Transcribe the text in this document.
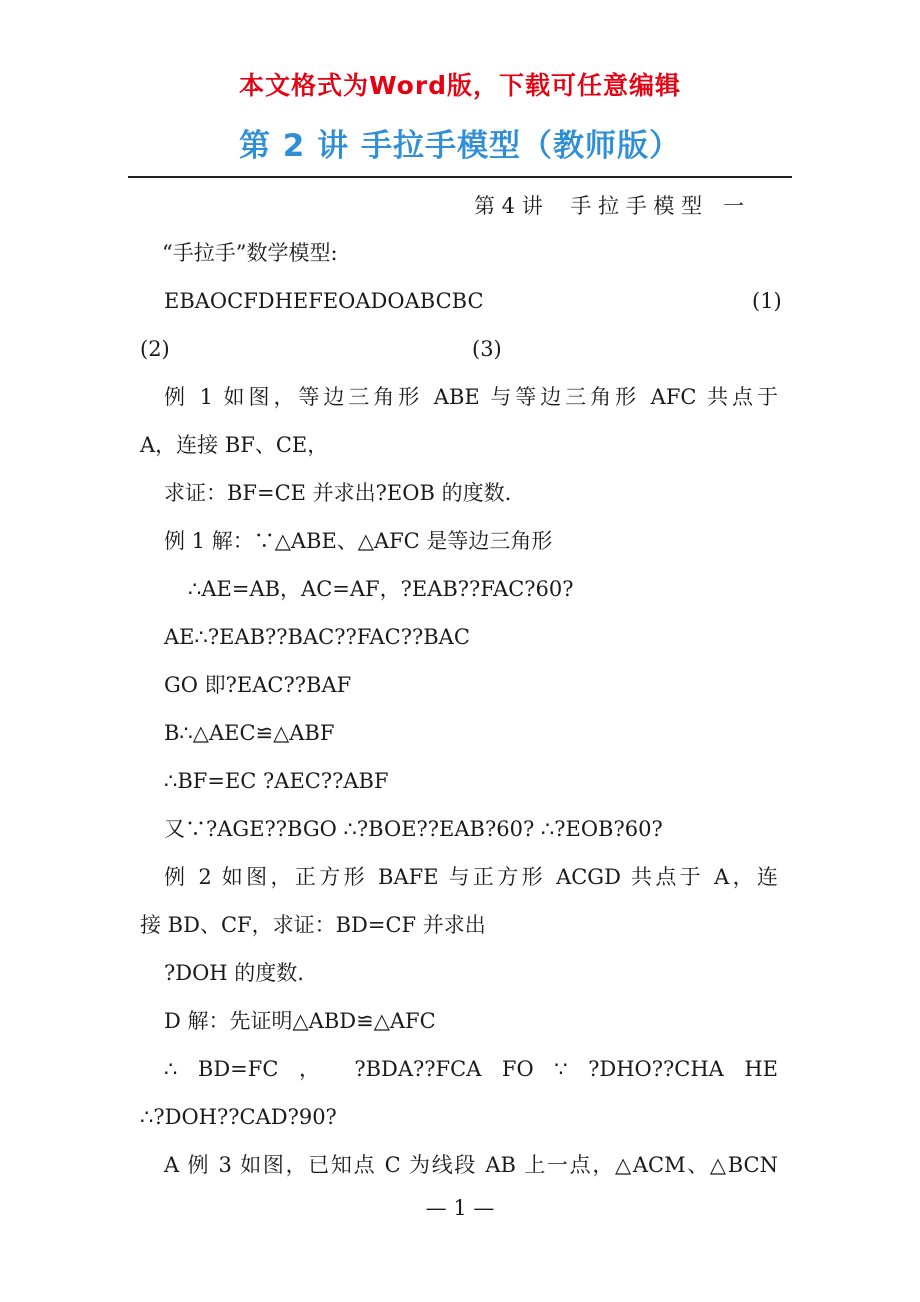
本文格式为Word版，下载可任意编辑
第 2 讲 手拉手模型（教师版）
第 4 讲　 手 拉 手 模 型　一
“手拉手”数学模型:
EBAOCFDHEFEOADOABCBC	(1)
(2)	(3)
例 1 如图，等边三角形 ABE 与等边三角形 AFC 共点于
A，连接 BF、CE，
求证：BF=CE 并求出?EOB 的度数.
例 1 解：∵△ABE、△AFC 是等边三角形
∴AE=AB，AC=AF，?EAB??FAC?60?
AE∴?EAB??BAC??FAC??BAC
GO 即?EAC??BAF
B∴△AEC≌△ABF
∴BF=EC ?AEC??ABF
又∵?AGE??BGO ∴?BOE??EAB?60? ∴?EOB?60?
例 2 如图，正方形 BAFE 与正方形 ACGD 共点于 A，连
接 BD、CF，求证：BD=CF 并求出
?DOH 的度数.
D 解：先证明△ABD≌△AFC
∴ BD=FC ， ?BDA??FCA FO ∵ ?DHO??CHA HE
∴?DOH??CAD?90?
A 例 3 如图，已知点 C 为线段 AB 上一点，△ACM、△BCN
— 1 —
